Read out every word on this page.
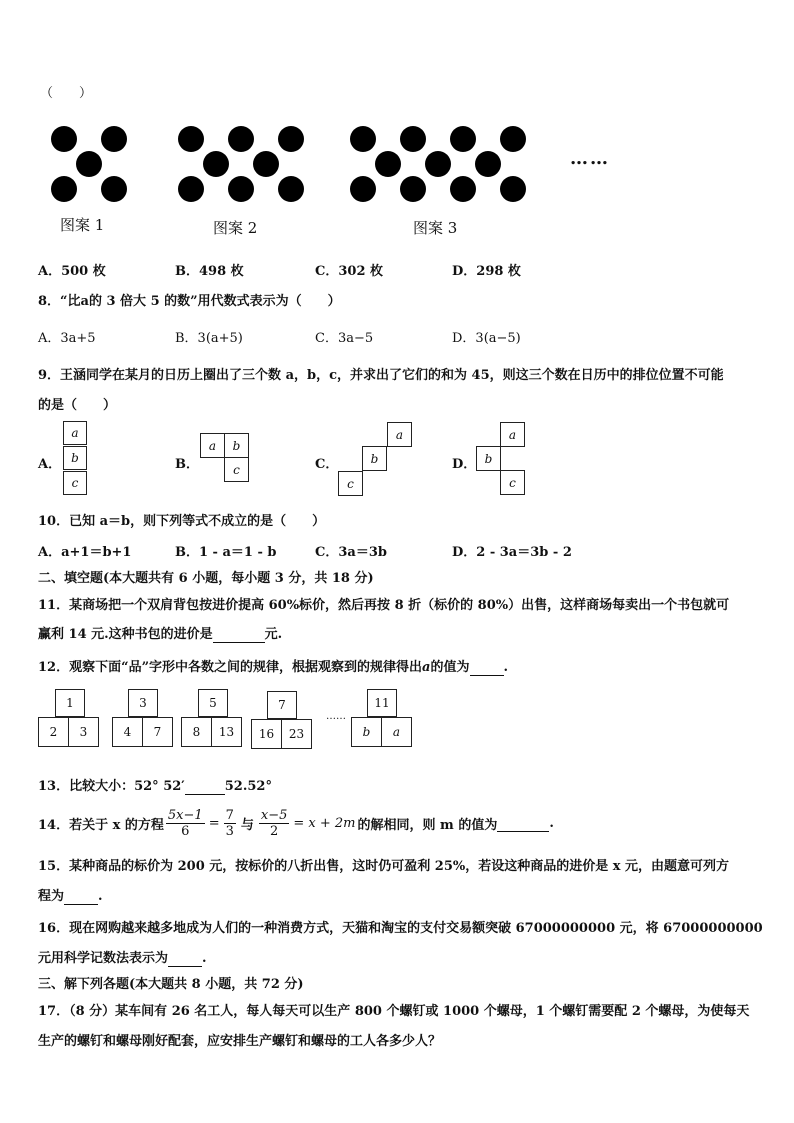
（　　）
……
图案 1	图案 2	图案 3
A．500 枚	B．498 枚	C．302 枚	D．298 枚
8．“比a的 3 倍大 5 的数”用代数式表示为（　　）
A．3a+5	B．3(a+5)	C．3a−5	D．3(a−5)
9．王涵同学在某月的日历上圈出了三个数 a，b，c，并求出了它们的和为 45，则这三个数在日历中的排位位置不可能
的是（　　）
A．
a
b
c
B．
a	b
c	C．
a
b
c
D．
a
b
c
10．已知 a＝b，则下列等式不成立的是（　　）
A．a+1＝b+1	B．1 - a＝1 - b	C．3a＝3b	D．2 - 3a＝3b - 2
二、填空题(本大题共有 6 小题，每小题 3 分，共 18 分)
11．某商场把一个双肩背包按进价提高 60%标价，然后再按 8 折（标价的 80%）出售，这样商场每卖出一个书包就可
赢利 14 元.这种书包的进价是	元.
12．观察下面“品”字形中各数之间的规律，根据观察到的规律得出a的值为	.
1
2	3
3
4	7
5
8	13
7
16	23
……
11
b	a
13．比较大小：52° 52′	52.52°
14．若关于 x 的方程 $\frac{5x-1}{6} = \frac{7}{3}$ 与 $\frac{x-5}{2} = x + 2m$ 的解相同，则 m 的值为
	.
15．某种商品的标价为 200 元，按标价的八折出售，这时仍可盈利 25%，若设这种商品的进价是 x 元，由题意可列方
程为	.
16．现在网购越来越多地成为人们的一种消费方式，天猫和淘宝的支付交易额突破 67000000000 元，将 67000000000
元用科学记数法表示为	.
三、解下列各题(本大题共 8 小题，共 72 分)
17．（8 分）某车间有 26 名工人，每人每天可以生产 800 个螺钉或 1000 个螺母，1 个螺钉需要配 2 个螺母，为使每天
生产的螺钉和螺母刚好配套，应安排生产螺钉和螺母的工人各多少人？
